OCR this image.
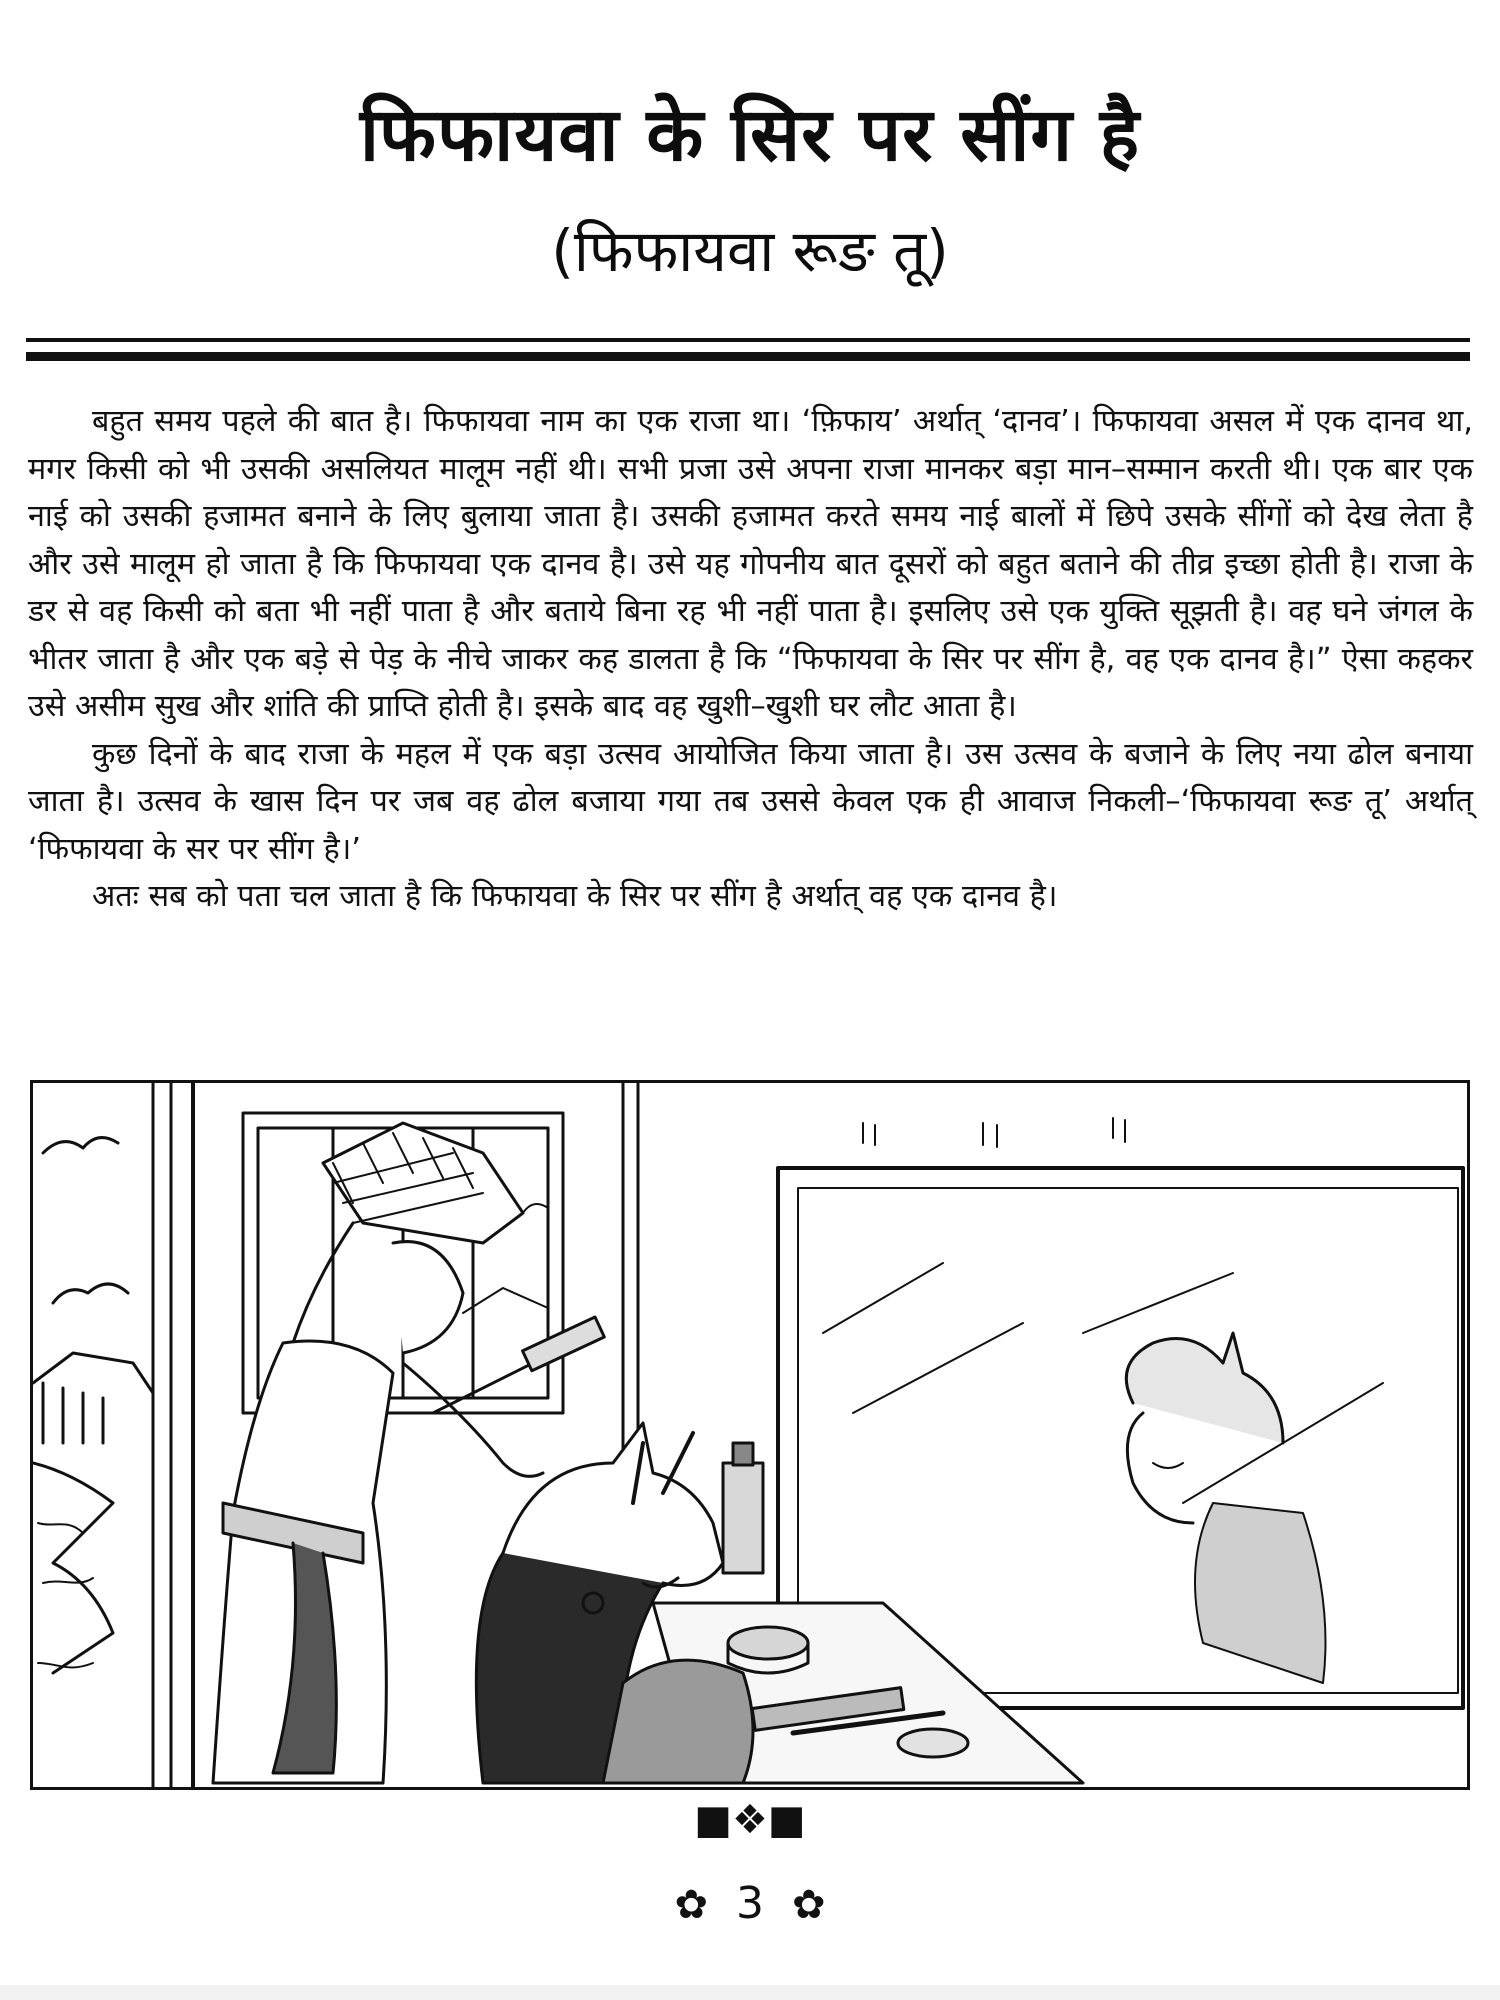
फिफायवा के सिर पर सींग है
(फिफायवा रूङ तू)

बहुत समय पहले की बात है। फिफायवा नाम का एक राजा था। ‘फ़िफाय’ अर्थात् ‘दानव’। फिफायवा असल में एक दानव था, मगर किसी को भी उसकी असलियत मालूम नहीं थी। सभी प्रजा उसे अपना राजा मानकर बड़ा मान–सम्मान करती थी। एक बार एक नाई को उसकी हजामत बनाने के लिए बुलाया जाता है। उसकी हजामत करते समय नाई बालों में छिपे उसके सींगों को देख लेता है और उसे मालूम हो जाता है कि फिफायवा एक दानव है। उसे यह गोपनीय बात दूसरों को बहुत बताने की तीव्र इच्छा होती है। राजा के डर से वह किसी को बता भी नहीं पाता है और बताये बिना रह भी नहीं पाता है। इसलिए उसे एक युक्ति सूझती है। वह घने जंगल के भीतर जाता है और एक बड़े से पेड़ के नीचे जाकर कह डालता है कि “फिफायवा के सिर पर सींग है, वह एक दानव है।” ऐसा कहकर उसे असीम सुख और शांति की प्राप्ति होती है। इसके बाद वह खुशी–खुशी घर लौट आता है।

कुछ दिनों के बाद राजा के महल में एक बड़ा उत्सव आयोजित किया जाता है। उस उत्सव के बजाने के लिए नया ढोल बनाया जाता है। उत्सव के खास दिन पर जब वह ढोल बजाया गया तब उससे केवल एक ही आवाज निकली–‘फिफायवा रूङ तू’ अर्थात् ‘फिफायवा के सर पर सींग है।’

अतः सब को पता चल जाता है कि फिफायवा के सिर पर सींग है अर्थात् वह एक दानव है।

■❖■
✿ 3 ✿
